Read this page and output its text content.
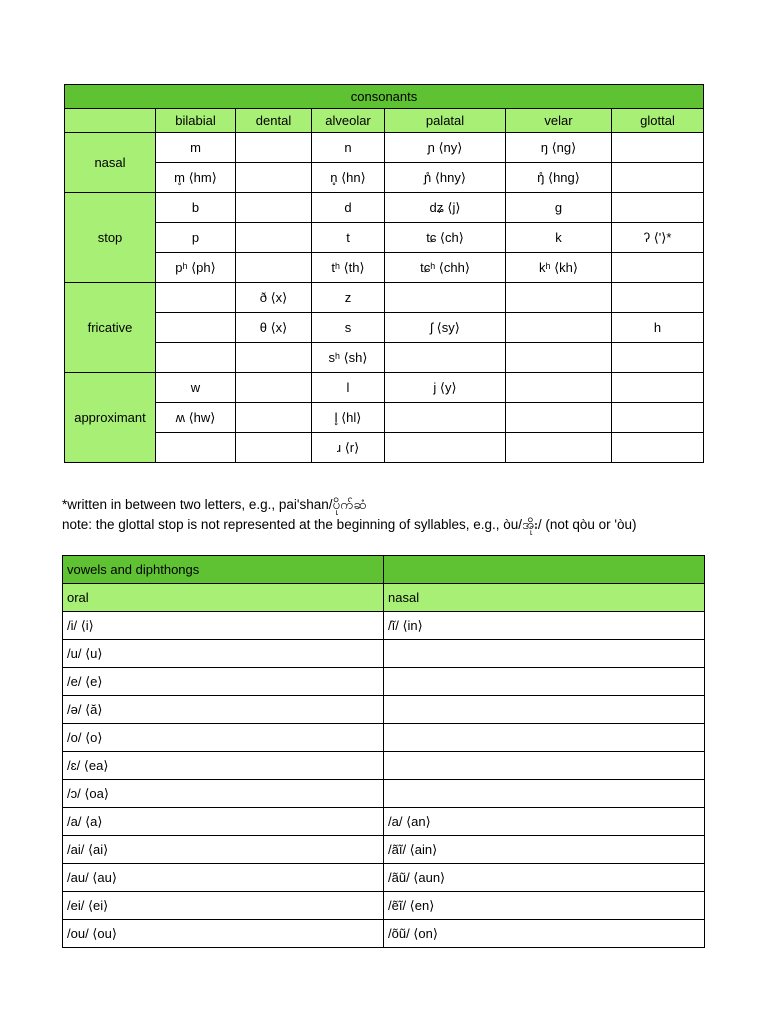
consonants						
	bilabial	dental	alveolar	palatal	velar	glottal
nasal	m		n	ɲ ⟨ny⟩	ŋ ⟨ng⟩	
	m̥ ⟨hm⟩		n̥ ⟨hn⟩	ɲ̊ ⟨hny⟩	ŋ̊ ⟨hng⟩	
stop	b		d	dʑ ⟨j⟩	g	
	p		t	tɕ ⟨ch⟩	k	ʔ ⟨'⟩*
	pʰ ⟨ph⟩		tʰ ⟨th⟩	tɕʰ ⟨chh⟩	kʰ ⟨kh⟩	
fricative		ð ⟨x⟩	z			
		θ ⟨x⟩	s	ʃ ⟨sy⟩		h
			sʰ ⟨sh⟩			
approximant	w		l	j ⟨y⟩		
	ʍ ⟨hw⟩		l̥ ⟨hl⟩			
			ɹ ⟨r⟩			
*written in between two letters, e.g., pai'shan/ပိုက်ဆံ
note: the glottal stop is not represented at the beginning of syllables, e.g., òu/အိုး/ (not qòu or 'òu)
vowels and diphthongs	
oral	nasal
/i/ ⟨i⟩	/ĩ/ ⟨in⟩
/u/ ⟨u⟩	
/e/ ⟨e⟩	
/ə/ ⟨ă⟩	
/o/ ⟨o⟩	
/ɛ/ ⟨ea⟩	
/ɔ/ ⟨oa⟩	
/a/ ⟨a⟩	/a/ ⟨an⟩
/ai/ ⟨ai⟩	/ãĩ/ ⟨ain⟩
/au/ ⟨au⟩	/ãũ/ ⟨aun⟩
/ei/ ⟨ei⟩	/ẽĩ/ ⟨en⟩
/ou/ ⟨ou⟩	/õũ/ ⟨on⟩
